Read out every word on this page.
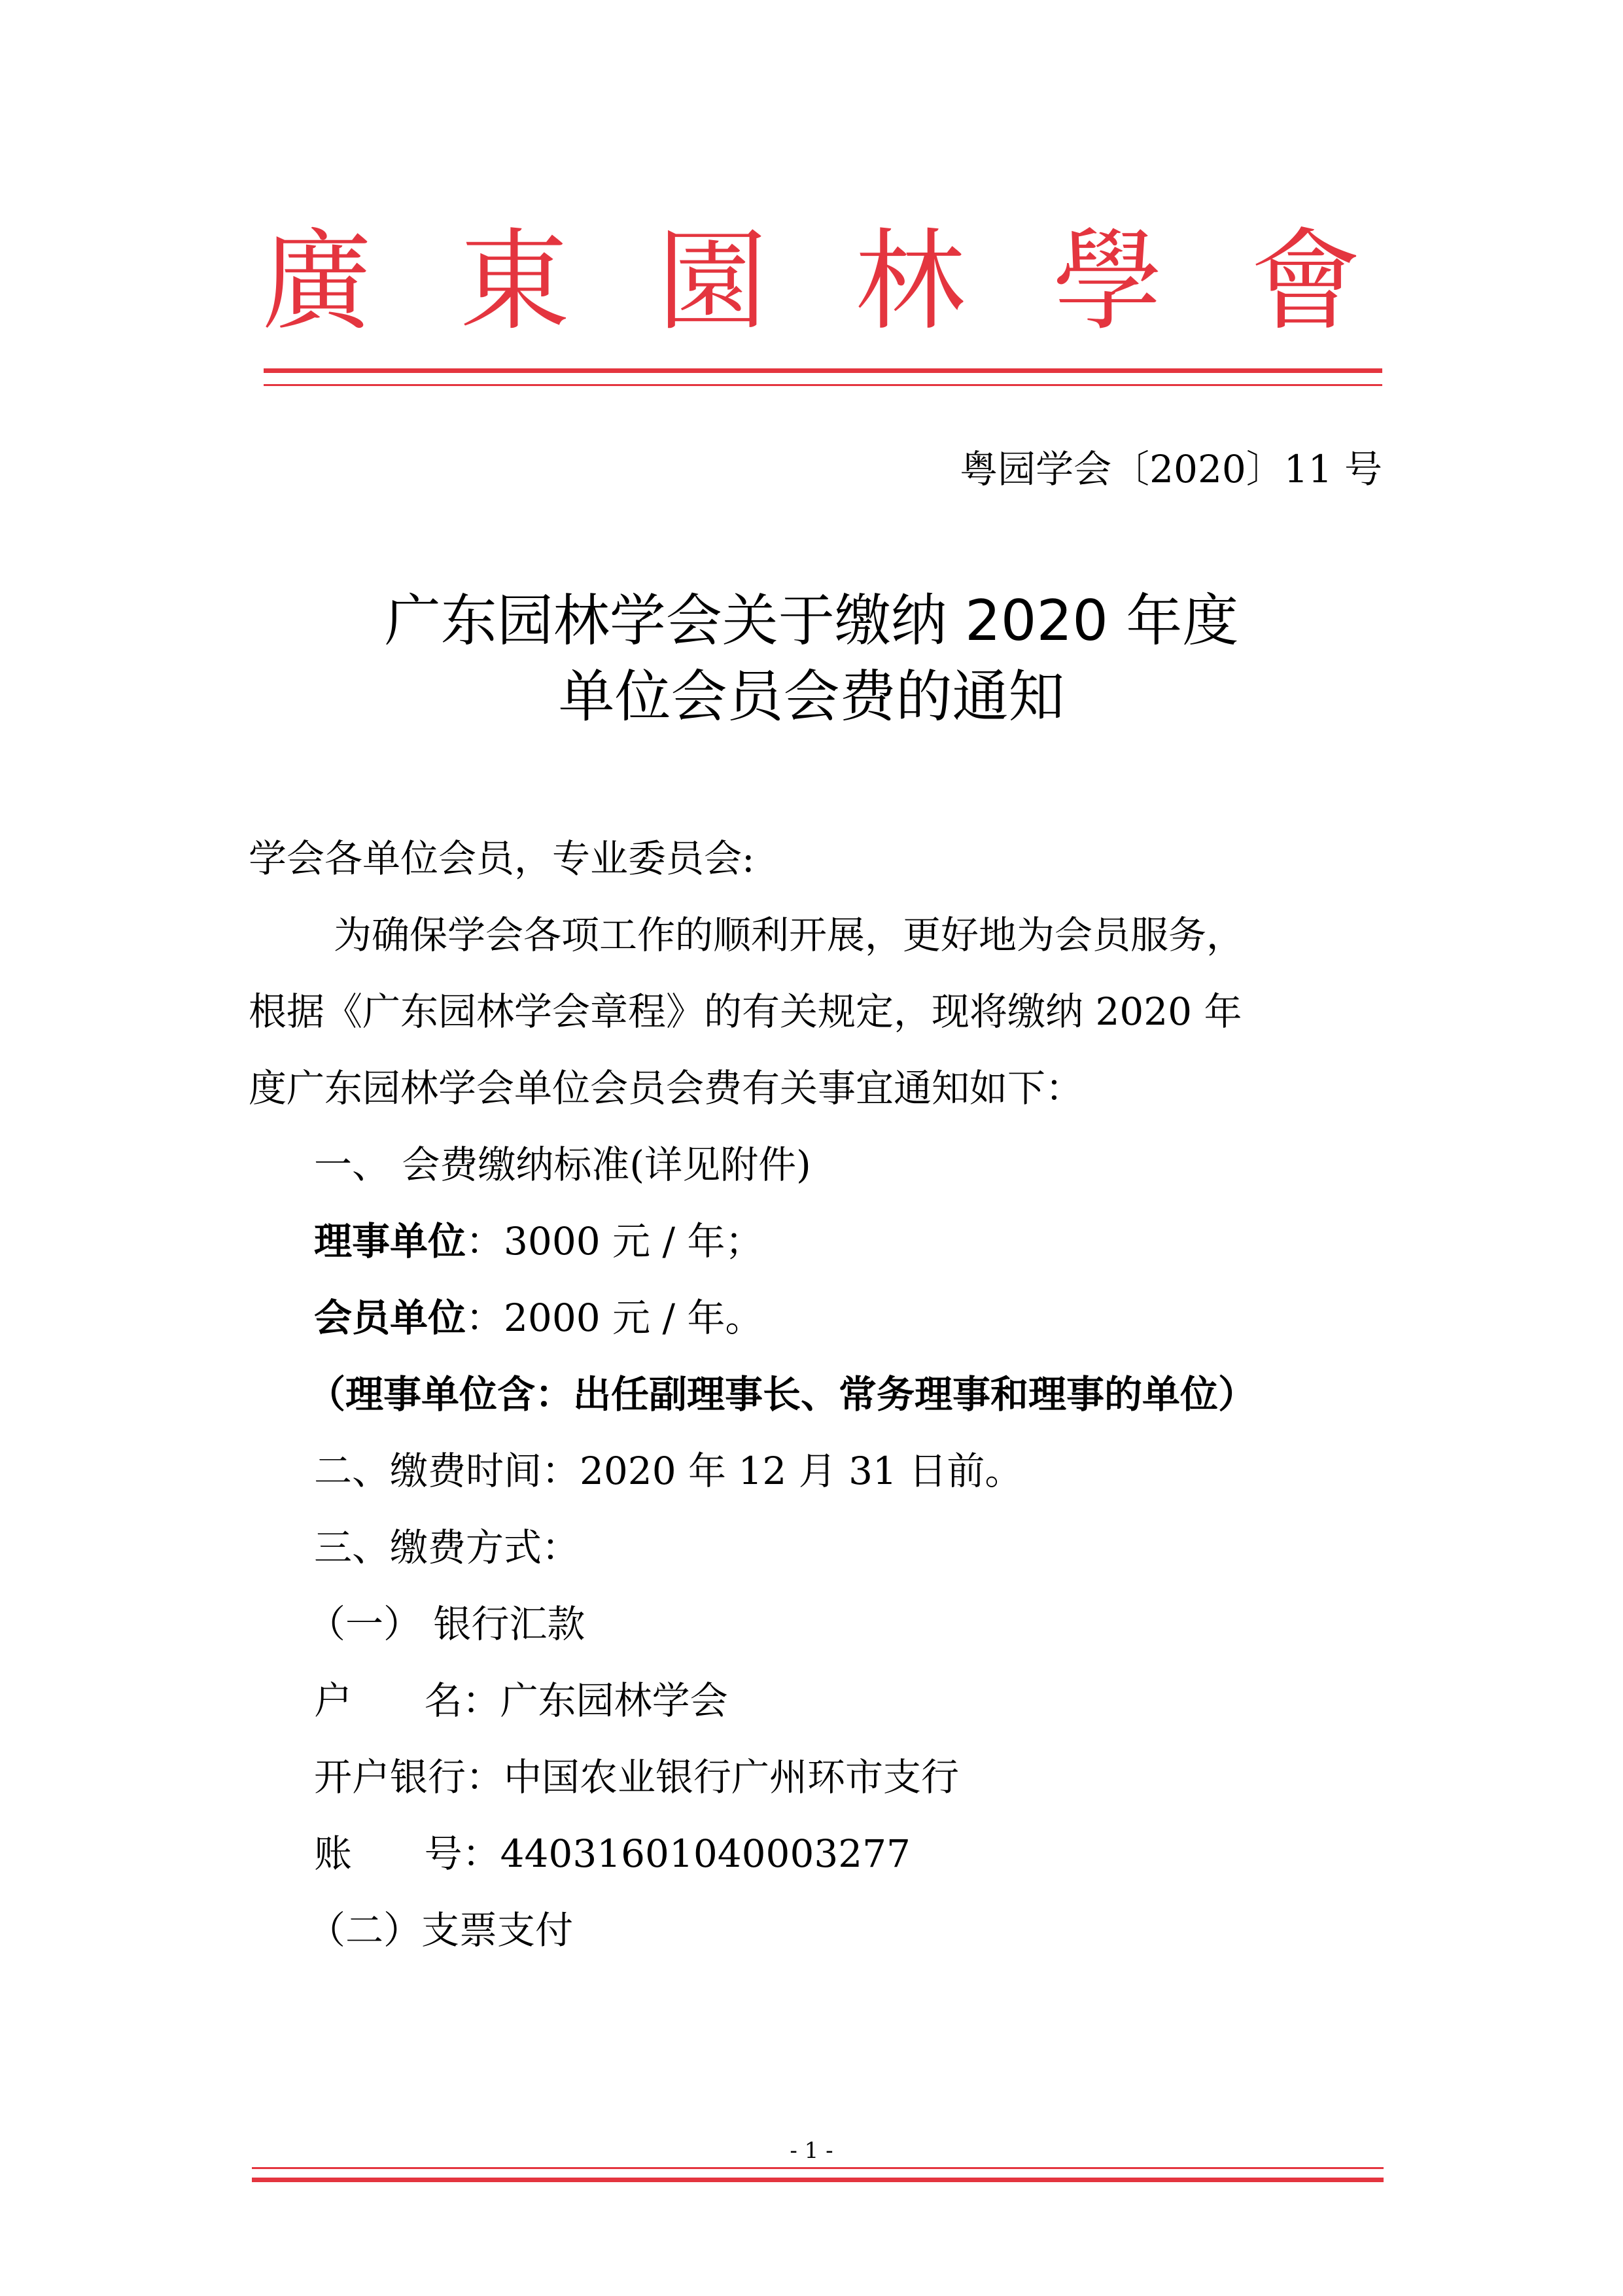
廣 東 園 林 學 會
粤园学会〔2020〕11 号
广东园林学会关于缴纳 2020 年度
单位会员会费的通知
学会各单位会员，专业委员会:
为确保学会各项工作的顺利开展，更好地为会员服务，
根据《广东园林学会章程》的有关规定，现将缴纳 2020 年
度广东园林学会单位会员会费有关事宜通知如下：
一、 会费缴纳标准(详见附件)
理事单位：3000 元 / 年；
会员单位：2000 元 / 年。
（理事单位含：出任副理事长、常务理事和理事的单位）
二、缴费时间：2020 年 12 月 31 日前。
三、缴费方式：
（一） 银行汇款
户      名：广东园林学会
开户银行：中国农业银行广州环市支行
账      号：44031601040003277
（二）支票支付
- 1 -
